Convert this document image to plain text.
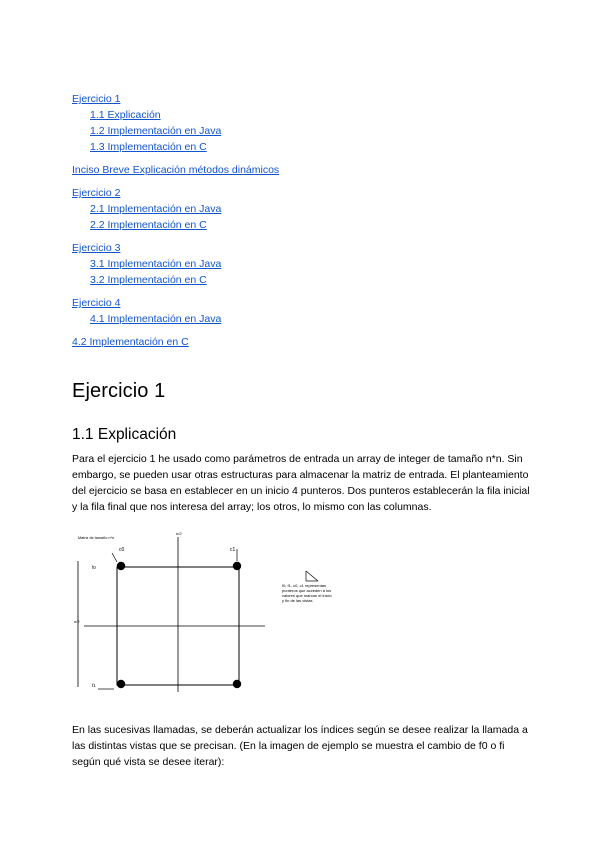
Ejercicio 1
1.1 Explicación
1.2 Implementación en Java
1.3 Implementación en C
Inciso Breve Explicación métodos dinámicos
Ejercicio 2
2.1 Implementación en Java
2.2 Implementación en C
Ejercicio 3
3.1 Implementación en Java
3.2 Implementación en C
Ejercicio 4
4.1 Implementación en Java
4.2 Implementación en C
Ejercicio 1
1.1 Explicación

Para el ejercicio 1 he usado como parámetros de entrada un array de integer de tamaño n*n. Sin embargo, se pueden usar otras estructuras para almacenar la matriz de entrada. El planteamiento del ejercicio se basa en establecer en un inicio 4 punteros. Dos punteros establecerán la fila inicial y la fila final que nos interesa del array; los otros, lo mismo con las columnas.

Matriz de tamaño n*n
n/2
n/2
c0	c1
f0
f1
f0, f1, c0, c1 representan
punteros que acceden a los
valores que marcan el inicio
y fin de las vistas

En las sucesivas llamadas, se deberán actualizar los índices según se desee realizar la llamada a las distintas vistas que se precisan. (En la imagen de ejemplo se muestra el cambio de f0 o fi según qué vista se desee iterar):
